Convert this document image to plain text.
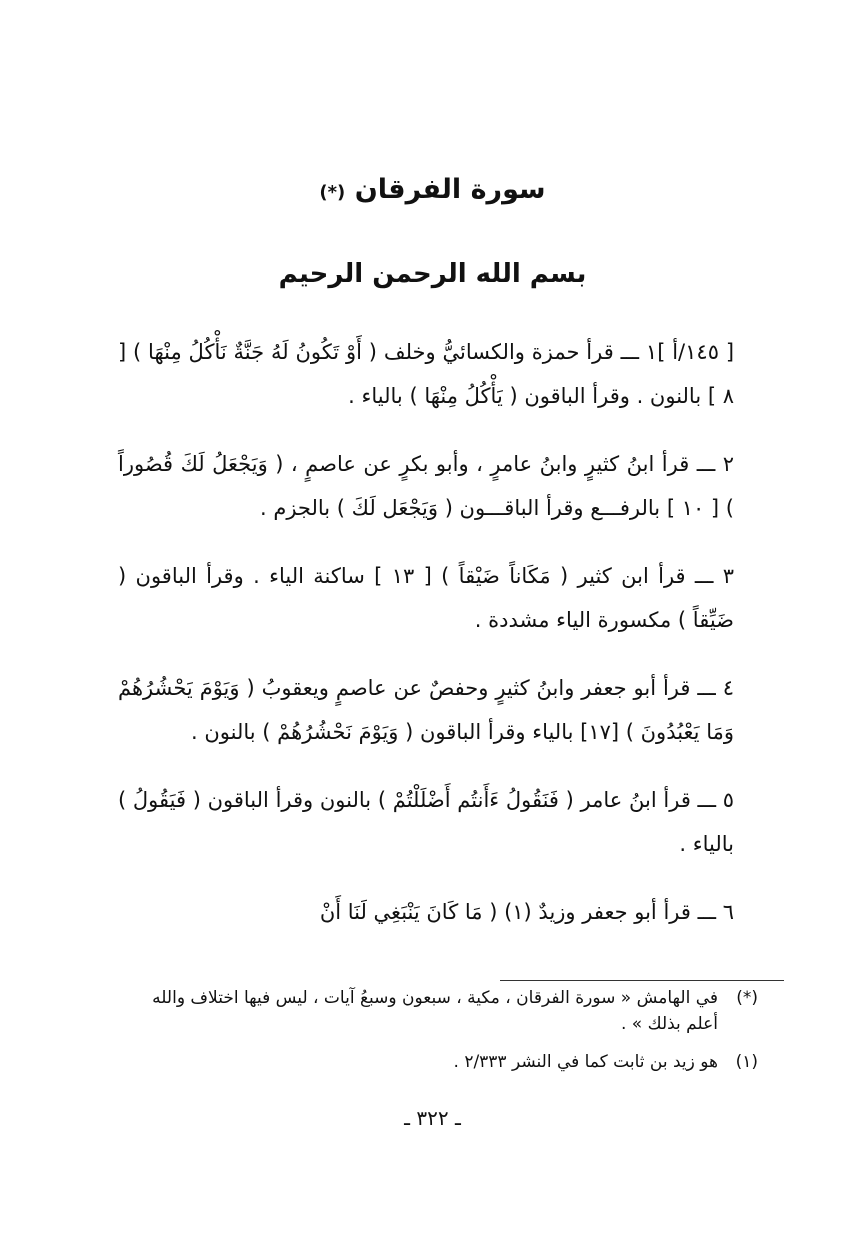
سورة الفرقان (*)
بسم الله الرحمن الرحيم

[ ١٤٥/أ ]١ ـــ قرأ حمزة والكسائيُّ وخلف ( أَوْ تَكُونُ لَهُ جَنَّةٌ نَأْكُلُ مِنْهَا ) [ ٨ ] بالنون . وقرأ الباقون ( يَأْكُلُ مِنْهَا ) بالياء .

٢ ـــ قرأ ابنُ كثيرٍ وابنُ عامرٍ ، وأبو بكرٍ عن عاصمٍ ، ( وَيَجْعَلُ لَكَ قُصُوراً ) [ ١٠ ] بالرفـــع وقرأ الباقـــون ( وَيَجْعَل لَكَ ) بالجزم .

٣ ـــ قرأ ابن كثير ( مَكَاناً ضَيْقاً ) [ ١٣ ] ساكنة الياء . وقرأ الباقون ( ضَيِّقاً ) مكسورة الياء مشددة .

٤ ـــ قرأ أبو جعفر وابنُ كثيرٍ وحفصٌ عن عاصمٍ ويعقوبُ ( وَيَوْمَ يَحْشُرُهُمْ وَمَا يَعْبُدُونَ ) [١٧] بالياء وقرأ الباقون ( وَيَوْمَ نَحْشُرُهُمْ ) بالنون .

٥ ـــ قرأ ابنُ عامر ( فَنَقُولُ ءَأَنتُم أَضْلَلْتُمْ ) بالنون وقرأ الباقون ( فَيَقُولُ ) بالياء .

٦ ـــ قرأ أبو جعفر وزيدٌ (١) ( مَا كَانَ يَنْبَغِي لَنَا أَنْ

(*)
في الهامش « سورة الفرقان ، مكية ، سبعون وسبعُ آيات ، ليس فيها اختلاف والله أعلم بذلك » .
(١)
هو زيد بن ثابت كما في النشر ٢/٣٣٣ .
ـ ٣٢٢ ـ
